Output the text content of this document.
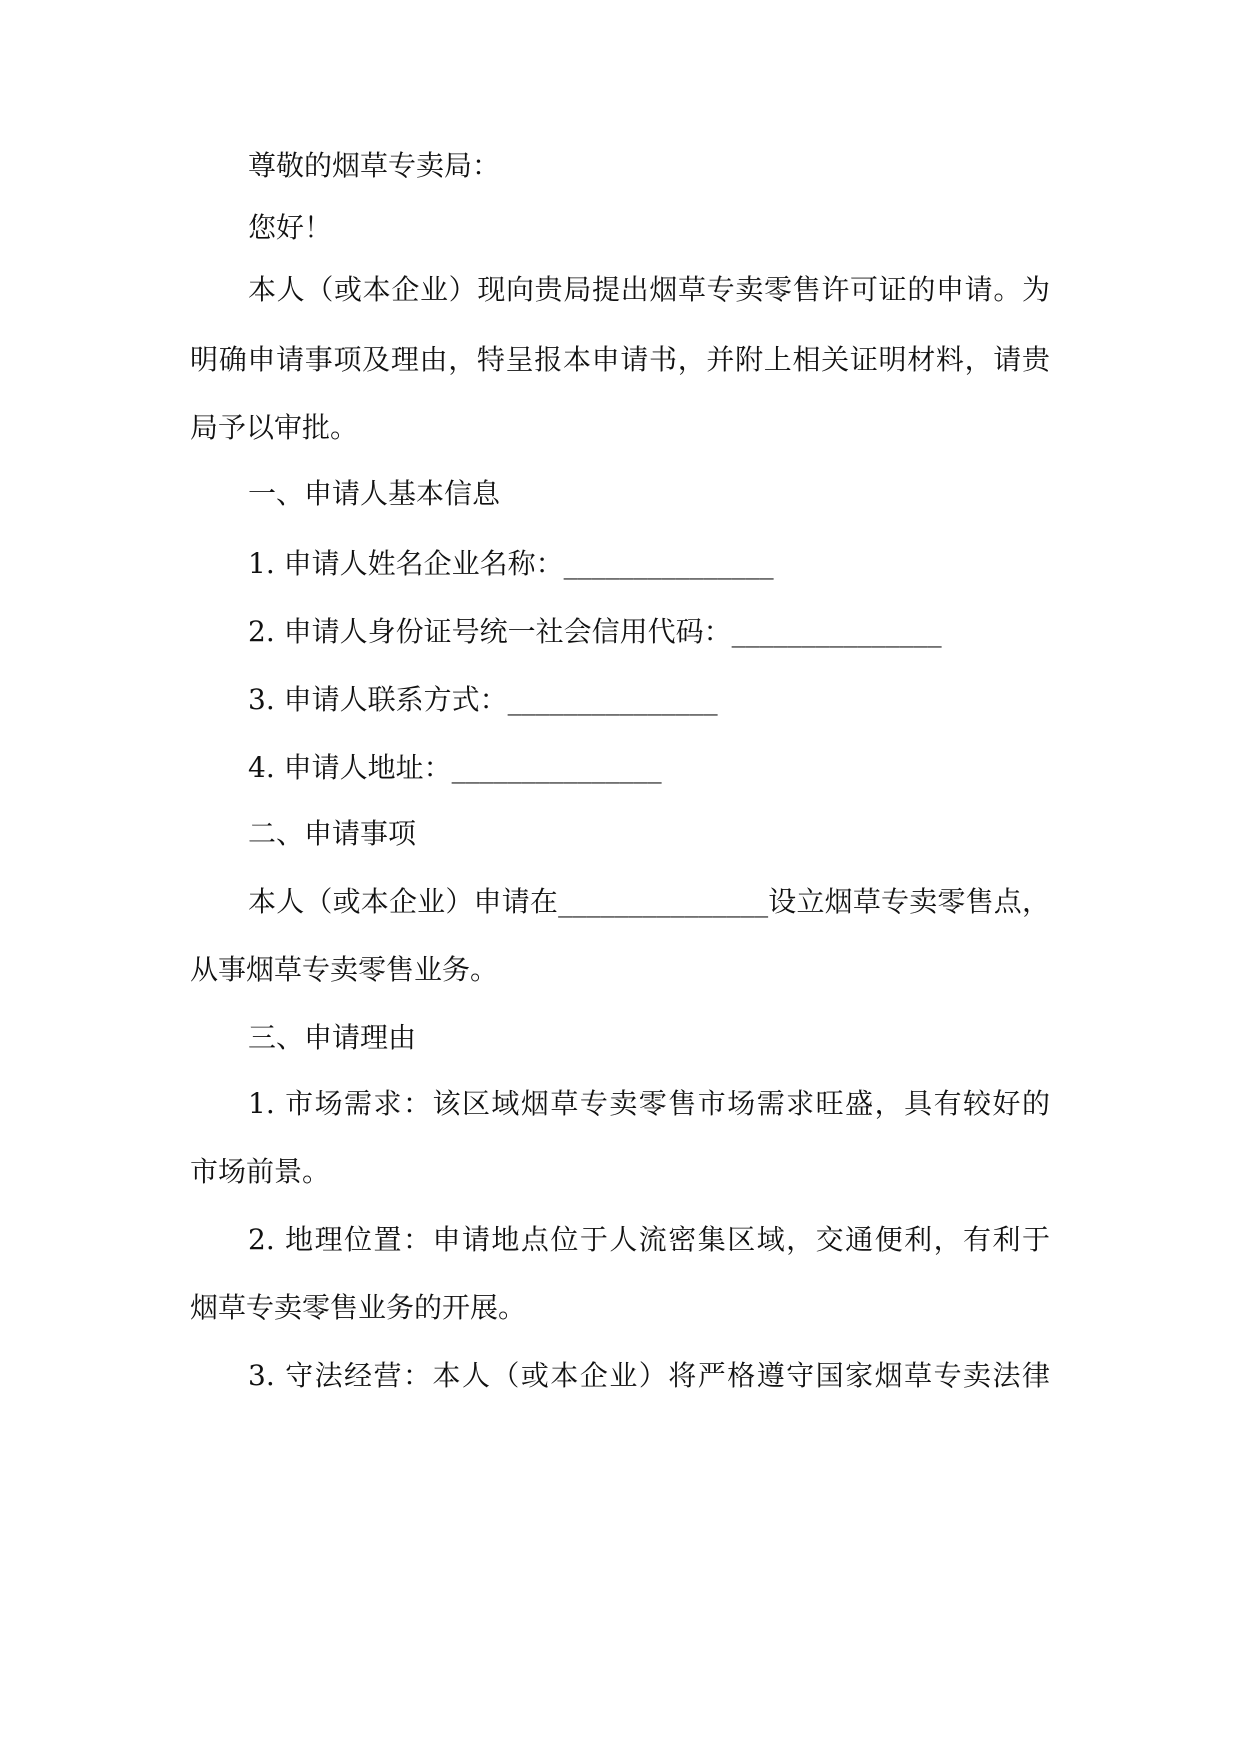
尊敬的烟草专卖局：
您好！
本人（或本企业）现向贵局提出烟草专卖零售许可证的申请。为
明确申请事项及理由，特呈报本申请书，并附上相关证明材料，请贵
局予以审批。
一、申请人基本信息
1. 申请人姓名企业名称：_______________
2. 申请人身份证号统一社会信用代码：_______________
3. 申请人联系方式：_______________
4. 申请人地址：_______________
二、申请事项
本人（或本企业）申请在_______________设立烟草专卖零售点，
从事烟草专卖零售业务。
三、申请理由
1. 市场需求：该区域烟草专卖零售市场需求旺盛，具有较好的
市场前景。
2. 地理位置：申请地点位于人流密集区域，交通便利，有利于
烟草专卖零售业务的开展。
3. 守法经营：本人（或本企业）将严格遵守国家烟草专卖法律
